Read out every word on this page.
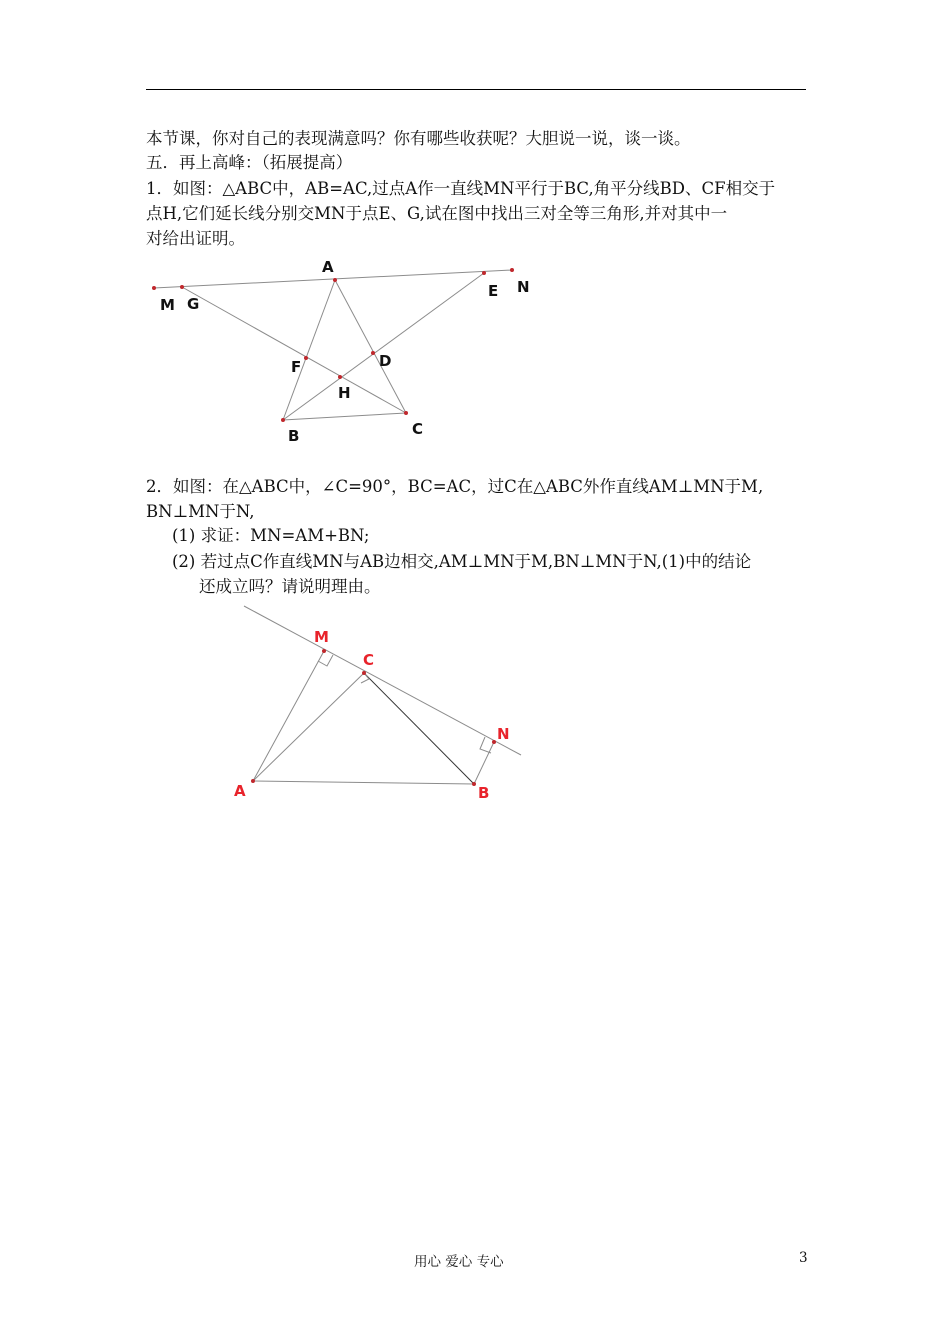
本节课，你对自己的表现满意吗？你有哪些收获呢？大胆说一说，谈一谈。
五．再上高峰：（拓展提高）
1．如图：△ABC中，AB=AC,过点A作一直线MN平行于BC,角平分线BD、CF相交于
点H,它们延长线分别交MN于点E、G,试在图中找出三对全等三角形,并对其中一
对给出证明。
M G
A
E N
F	D
H
B	C
2．如图：在△ABC中，∠C=90°，BC=AC，过C在△ABC外作直线AM⊥MN于M,
BN⊥MN于N,
(1) 求证：MN=AM+BN;
(2) 若过点C作直线MN与AB边相交,AM⊥MN于M,BN⊥MN于N,(1)中的结论
还成立吗？请说明理由。
M
C
N
A	B
用心 爱心 专心	3
